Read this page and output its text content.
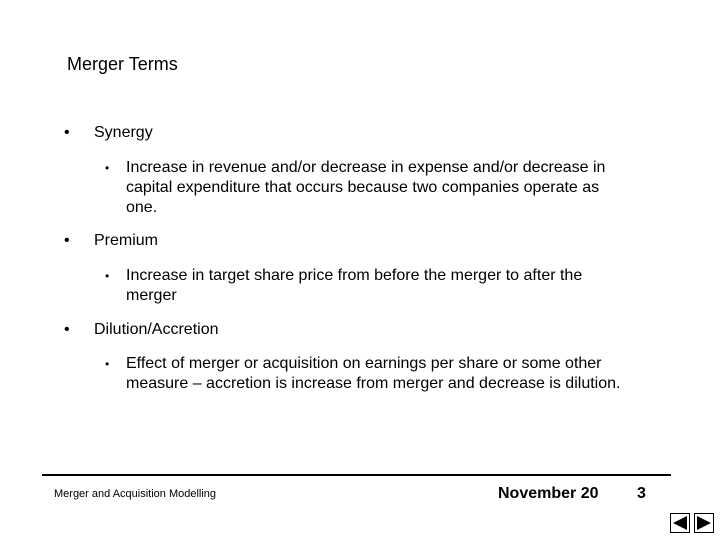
Merger Terms
• Synergy
• Increase in revenue and/or decrease in expense and/or decrease in capital expenditure that occurs because two companies operate as one.
• Premium
• Increase in target share price from before the merger to after the merger
• Dilution/Accretion
• Effect of merger or acquisition on earnings per share or some other measure – accretion is increase from merger and decrease is dilution.
Merger and Acquisition Modelling	November 20 3
